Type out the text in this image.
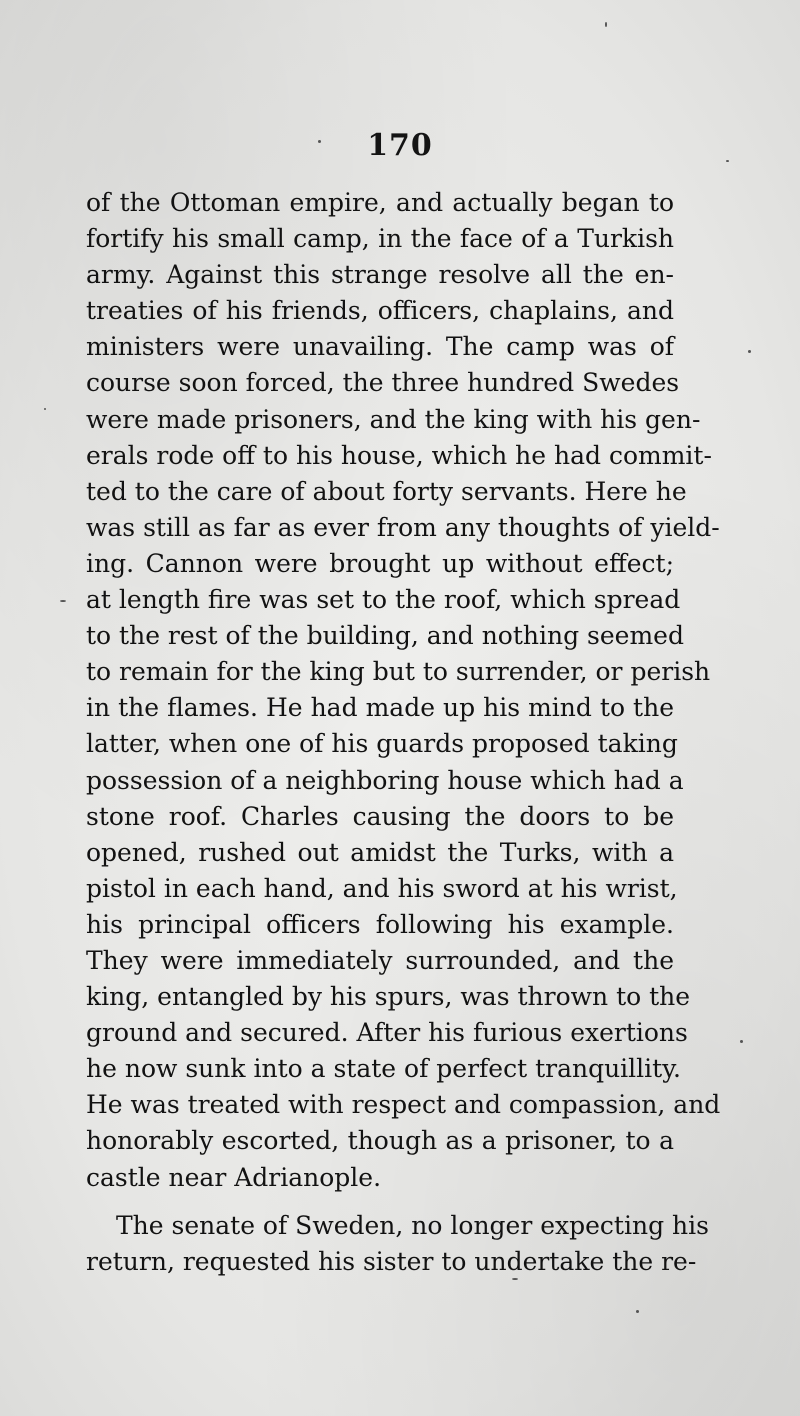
170
of the Ottoman empire, and actually began to
fortify his small camp, in the face of a Turkish
army. Against this strange resolve all the en-
treaties of his friends, officers, chaplains, and
ministers were unavailing. The camp was of
course soon forced, the three hundred Swedes
were made prisoners, and the king with his gen-
erals rode off to his house, which he had commit-
ted to the care of about forty servants. Here he
was still as far as ever from any thoughts of yield-
ing. Cannon were brought up without effect;
at length fire was set to the roof, which spread
to the rest of the building, and nothing seemed
to remain for the king but to surrender, or perish
in the flames. He had made up his mind to the
latter, when one of his guards proposed taking
possession of a neighboring house which had a
stone roof. Charles causing the doors to be
opened, rushed out amidst the Turks, with a
pistol in each hand, and his sword at his wrist,
his principal officers following his example.
They were immediately surrounded, and the
king, entangled by his spurs, was thrown to the
ground and secured. After his furious exertions
he now sunk into a state of perfect tranquillity.
He was treated with respect and compassion, and
honorably escorted, though as a prisoner, to a
castle near Adrianople.
The senate of Sweden, no longer expecting his
return, requested his sister to undertake the re-
